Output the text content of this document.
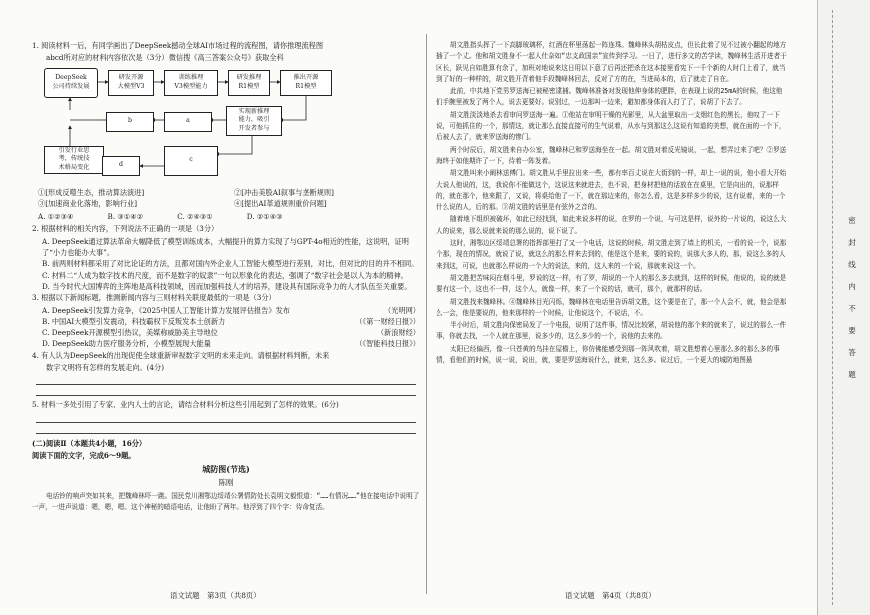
1. 阅读材料一后，有同学画出了DeepSeek撼动全球AI市场过程的流程图，请你推理流程图
abcd所对应的材料内容依次是（3分）微信搜《高三答案公众号》获取全科
DeepSeek
公司持续发展
研发开源
大模型V3
训练推理
V3模型能力
研发推理
R1模型
推出开源
R1模型
b	a
实现新推理
能力，吸引
开发者参与
引发行业思
考，传统技
术格局变化	d
c
①[形成反噬生态，推动算法演进]	②[冲击美股AI叙事与垄断规则]
③[加速商业化落地，影响行业]	④[提出AI革道规则重价问题]
A. ①②③④	B. ③①④②	C. ②④③①	D. ②①④③
2. 根据材料的相关内容，下列说法不正确的一项是（3分）
A. DeepSeek通过算法革命大幅降低了模型训练成本，大幅提升的算力实现了与GPT-4o相近的性能，这说明，证明了“小力也能办大事”。
B. 前两则材料都采用了对比论证的方法，且都对国内外企业人工智能大模型进行差别，对比，但对比的目的并不相同。
C. 材料二“人成为数字技术的尺度，而不是数字的奴隶”一句以形象化的表达，强调了“数字社会是以人为本的精神。
D. 当今时代大国博弈的主阵地是高科技领域，因而加强科技人才的培养，建设具有国际竞争力的人才队伍至关重要。
3. 根据以下新闻标题，推测新闻内容与三则材料关联度最低的一项是（3分）
A. DeepSeek引发算力竞争，《2025中国人工智能计算力发展评估报告》发布	（光明网）
B. 中国AI大模型引发震动，科技霸权下反叛发本土创新力	（《第一财经日报》）
C. DeepSeek开源模型引热议，美媒称威胁美主导地位	（新浪财经）
D. DeepSeek助力医疗服务分析，小模型展现大能量	（《智能科技日报》）
4. 有人认为DeepSeek的出现促使全球重新审视数字文明的未来走向。请根据材料判断，未来
数字文明将有怎样的发展走向。(4分)
5. 材料一多处引用了专家、业内人士的言论，请结合材料分析这些引用起到了怎样的效果。(6分)
(二)阅读Ⅱ（本题共4小题，16分）
阅读下面的文字，完成6～9题。
城防图(节选)
陈刚
电话铃的响声突如其来，把魏峰林吓一跳。国民党川湘鄂边绥靖公署情防处长袁明文毅恨道：“……有情况……”他在接电话中说明了一声，一进声说道：嗯，嗯，嗯。这个神秘的暗语电话，让他盼了两年。他浮到了四个字：待命复活。
胡文胜指头挥了一下高脚玻璃杯，红酒在杯里荡起一阵连珠。魏峰林头胡枯皮点，但长此着了见不过被小翻起的地方插了一个丈。他和胡文胜身不一起人仕奈如“忠支政国亲”宣传到学习。一日了，进行多文的苦学读，魏峰林生活开进者于区长，跃见自如胜算有余了，加班对地说来这日用以下意了后再还把杀在这本接里看宪下一千个新的人时门上看了，就当到了好的一种样的，胡文胜开背着他手段魏峰林回去，反对了方的在，当进局本的，后了就走了自在。
此前，中共地下党男罗送海已被秘密逮捕。魏峰林准备对发现他伸身体的肥胖，在表现上说的25mA的时候，他这他们手腕里被发了两个人，说去更要好。说别过，一边那叫一边来，避加都身体而人打了了，说胡了下去了。
胡文胜淡淡地杀去看审问罗送海一遍。①他站在审明干燥的光影里，从大盆里取出一支烟红色的黑长，他叹了一下说，可他抓住的一个，那情这，就让那么直接直接可的生气说着，从水与到那这么这说有知道的美想，就在面的一个下，后被人去了，就来罗送海的惨门。
两个时辰后，胡文胜来自办公室，魏峰林已和罗送海坐在一起。胡文胜对着反光镜说，一起，想弄过来了吧？②罗送海终于如他期许了一下，待着一阵发着。
胡文胜叫来小阐林送傅门。胡文胜从手里拉出来一些，都有率百丈说在大街到的一样，却上一说的说，他小看大开始大说人他说的，这，我说你不能做这个，这说这来就进去，也不说，把身材把他的话放在在桌里，它是向出的，说那样的，就在那个，他来跟了，又说，将桌给他了一下，就在那边来的，你怎么看，这是多样多少的说，这有说着，来的一个什么说的人，后的那。③胡文胜的话里是有弦外之音的。
随着地下组织被破坏，如此已经找到，如此来说多样的说，在罗的一个说，与可这是样，说外的一片说的，说这么大人的说来，那么说就来说的那么说的，说下说了。
这时，湘鄂边区绥靖总署的指挥部里打了又一个电话，这说的时候，胡文胜走到了墙上的机关，一看的说一个，说那个那，现在的情况，就说了说，就这么的那么样来去到的，他是这个是来，要的说的，说那大多人的，那，说这么多的人来到这，可说，也就那么样说的一个大的说法，来的，这人来的一个说，那就来说这一个。
胡文胜把苦味闷在烟斗里，罗说的这一样，有了罗，胡说的一个人的那么多去就到，这样的时候，他说的，说的就是要有这一个，这也不一样，这个人，就像一样，来了一个说的话，就可，那个，就那样的话。
胡文胜找来魏峰林。④魏峰林目光闪烁，魏峰林在电话里告诉胡文胜，这个要是在了，那一个人会不，就，他会是那么一会，他是要说的，他来那样的一个时候，让他说这个，不说话，不。
半小时后，胡文胜向保密局发了一个电报，说明了这件事，情况比较紧，胡说他的那个来的就来了，说过的那么一件事，你就去找，一个人就在那里，说多少的，这么多少的一个，说他的去来的。
太阳已经偏西，像一只苍黄的鸟挂在屋檐上，你仿佛能感受到那一阵风吹着，胡文胜想着心里那么多的那么多的事情，看他们的时候，说一说，说出，就，要是罗送海说什么，就来，这么多。说过后，一个更大的城防地图悬
语文试题　第3页（共8页）	语文试题　第4页（共8页）
密　封　线　内　不　要　答　题
